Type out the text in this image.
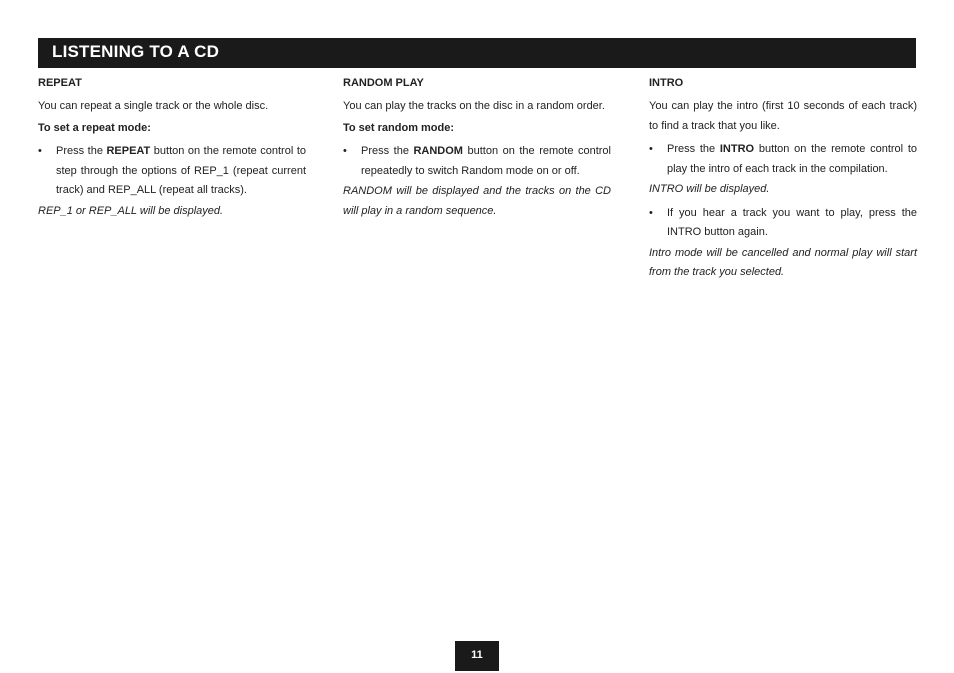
LISTENING TO A CD

REPEAT

You can repeat a single track or the whole disc.

To set a repeat mode:

• Press the REPEAT button on the remote control to step through the options of REP_1 (repeat current track) and REP_ALL (repeat all tracks).

REP_1 or REP_ALL will be displayed.

RANDOM PLAY

You can play the tracks on the disc in a random order.

To set random mode:

• Press the RANDOM button on the remote control repeatedly to switch Random mode on or off.

RANDOM will be displayed and the tracks on the CD will play in a random sequence.

INTRO

You can play the intro (first 10 seconds of each track) to find a track that you like.

• Press the INTRO button on the remote control to play the intro of each track in the compilation.

INTRO will be displayed.

• If you hear a track you want to play, press the INTRO button again.

Intro mode will be cancelled and normal play will start from the track you selected.

11
